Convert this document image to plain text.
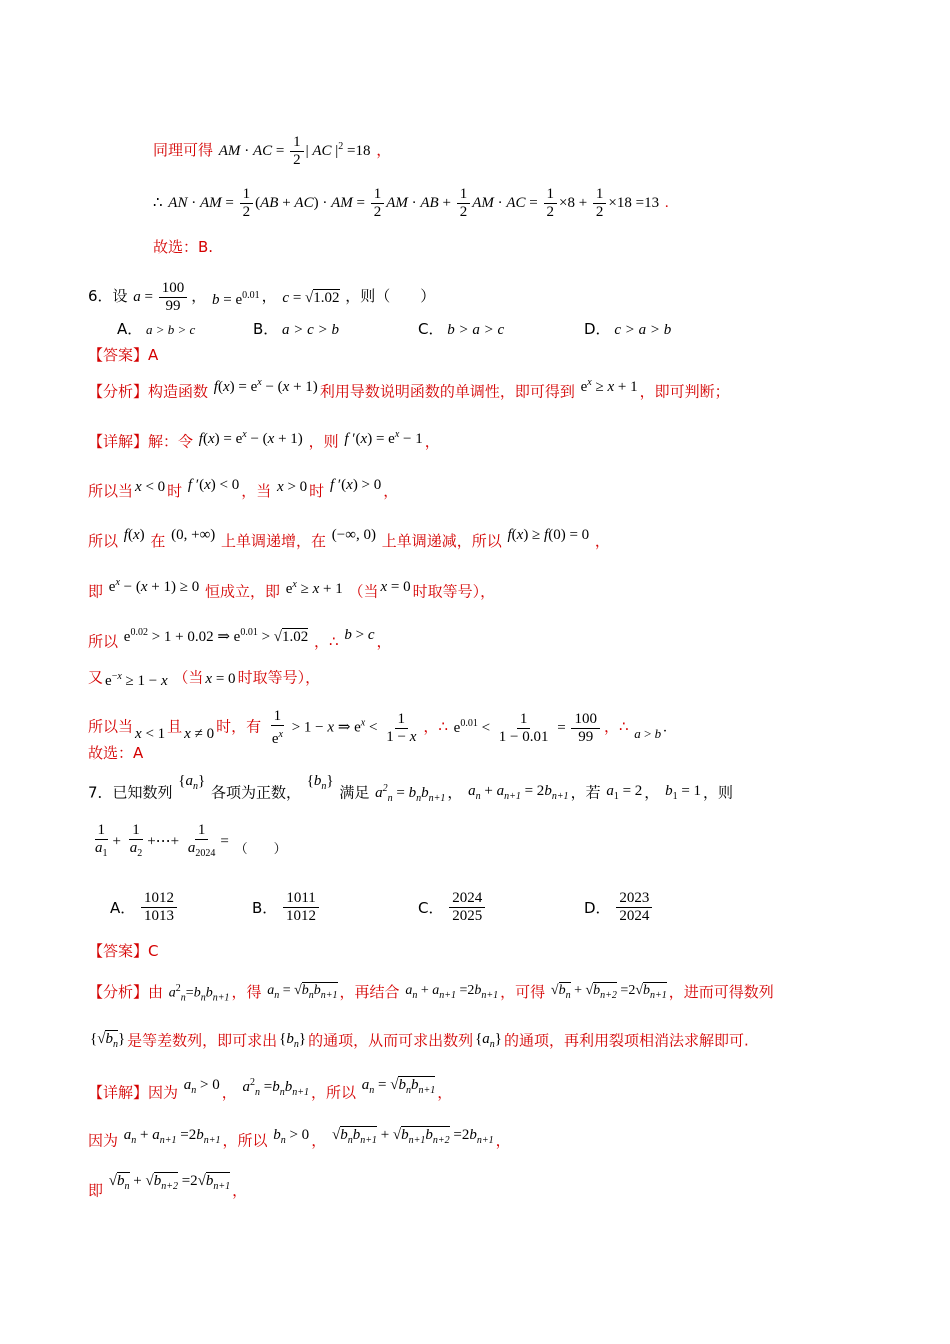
同理可得 AM · AC = $\frac{1}{2}$ | AC $|^2 =18$ ，
∴ AN · AM = $\frac{1}{2} (AB + AC)$ · AM = $\frac{1}{2}$ AM · AB + $\frac{1}{2}$ AM · AC = $\frac{1}{2} \times 8 + \frac{1}{2} \times 18 =13$ .
故选：B.
6．设 $a = \frac{100}{99}$ ， $b = e^{0.01}$ ， c = √1.02 ，则（　　）
A． a > b > c	B． a > c > b	C． b > a > c	D． c > a > b
【答案】A
【分析】构造函数 $f(x) = e^x - (x + 1)$ 利用导数说明函数的单调性，即可得到 $e^x \ge x + 1$ ，即可判断；
【详解】解：令 $f(x) = e^x - (x + 1)$ ，则 f $'(x) = e^x - 1$ ，
所以当 x < 0 时 f ′(x) < 0 ，当 x > 0 时 f ′(x) > 0 ，
所以 f(x) 在 (0, +∞) 上单调递增，在 (−∞, 0) 上单调递减，所以 f(x) ≥ f(0) = 0 ，
即 $e^x - (x + 1) \ge 0$ 恒成立，即 $e^x \ge x + 1$ （当 x = 0 时取等号），
所以 $e^{0.02} > 1 + 0.02$ ⇒ $e^{0.01} > √1.02$ ，∴ b > c ，
又 $e^{-x} \ge 1 - x$ （当 x = 0 时取等号），
所以当 x < 1 且 x ≠ 0 时，有 $\frac{1}{e^x} > 1 - x$ ⇒ $e^x < \frac{1}{1 - x}$ ，∴ $e^{0.01} < \frac{1}{1 - 0.01} = \frac{100}{99}$ ，∴ a > b .
故选：A
7．已知数列 $\{a_n\}$ 各项为正数， $\{b_n\}$ 满足 $a^2_n = b_nb_{n+1}$ ， $a_n + a_{n+1} = 2b_{n+1}$ ，若 $a_1 = 2$ ， $b_1 = 1$ ，则
$\frac{1}{a_1} + \frac{1}{a_2}$ +⋯+ $\frac{1}{a_{2024}}$ = （　　）
A． $\frac{1012}{1013}$	B． $\frac{1011}{1012}$	C． $\frac{2024}{2025}$	D． $\frac{2023}{2024}$
【答案】C
【分析】由 $a^2_n=b_nb_{n+1}$ ，得 $a_n = √b_nb_{n+1}$ ，再结合 $a_n + a_{n+1} =2b_{n+1}$ ，可得 $√b_n + √b_{n+2} =2√b_{n+1}$ ，进而可得数列
$\{√b_n\}$ 是等差数列，即可求出 $\{b_n\}$ 的通项，从而可求出数列 $\{a_n\}$ 的通项，再利用裂项相消法求解即可.
【详解】因为 $a_n > 0$ ， $a^2_n =b_nb_{n+1}$ ，所以 $a_n = √b_nb_{n+1}$ ，
因为 $a_n + a_{n+1} =2b_{n+1}$ ，所以 $b_n > 0$ ， $√b_nb_{n+1} + √b_{n+1}b_{n+2} =2b_{n+1}$ ，
即 $√b_n + √b_{n+2} =2√b_{n+1}$ ，
